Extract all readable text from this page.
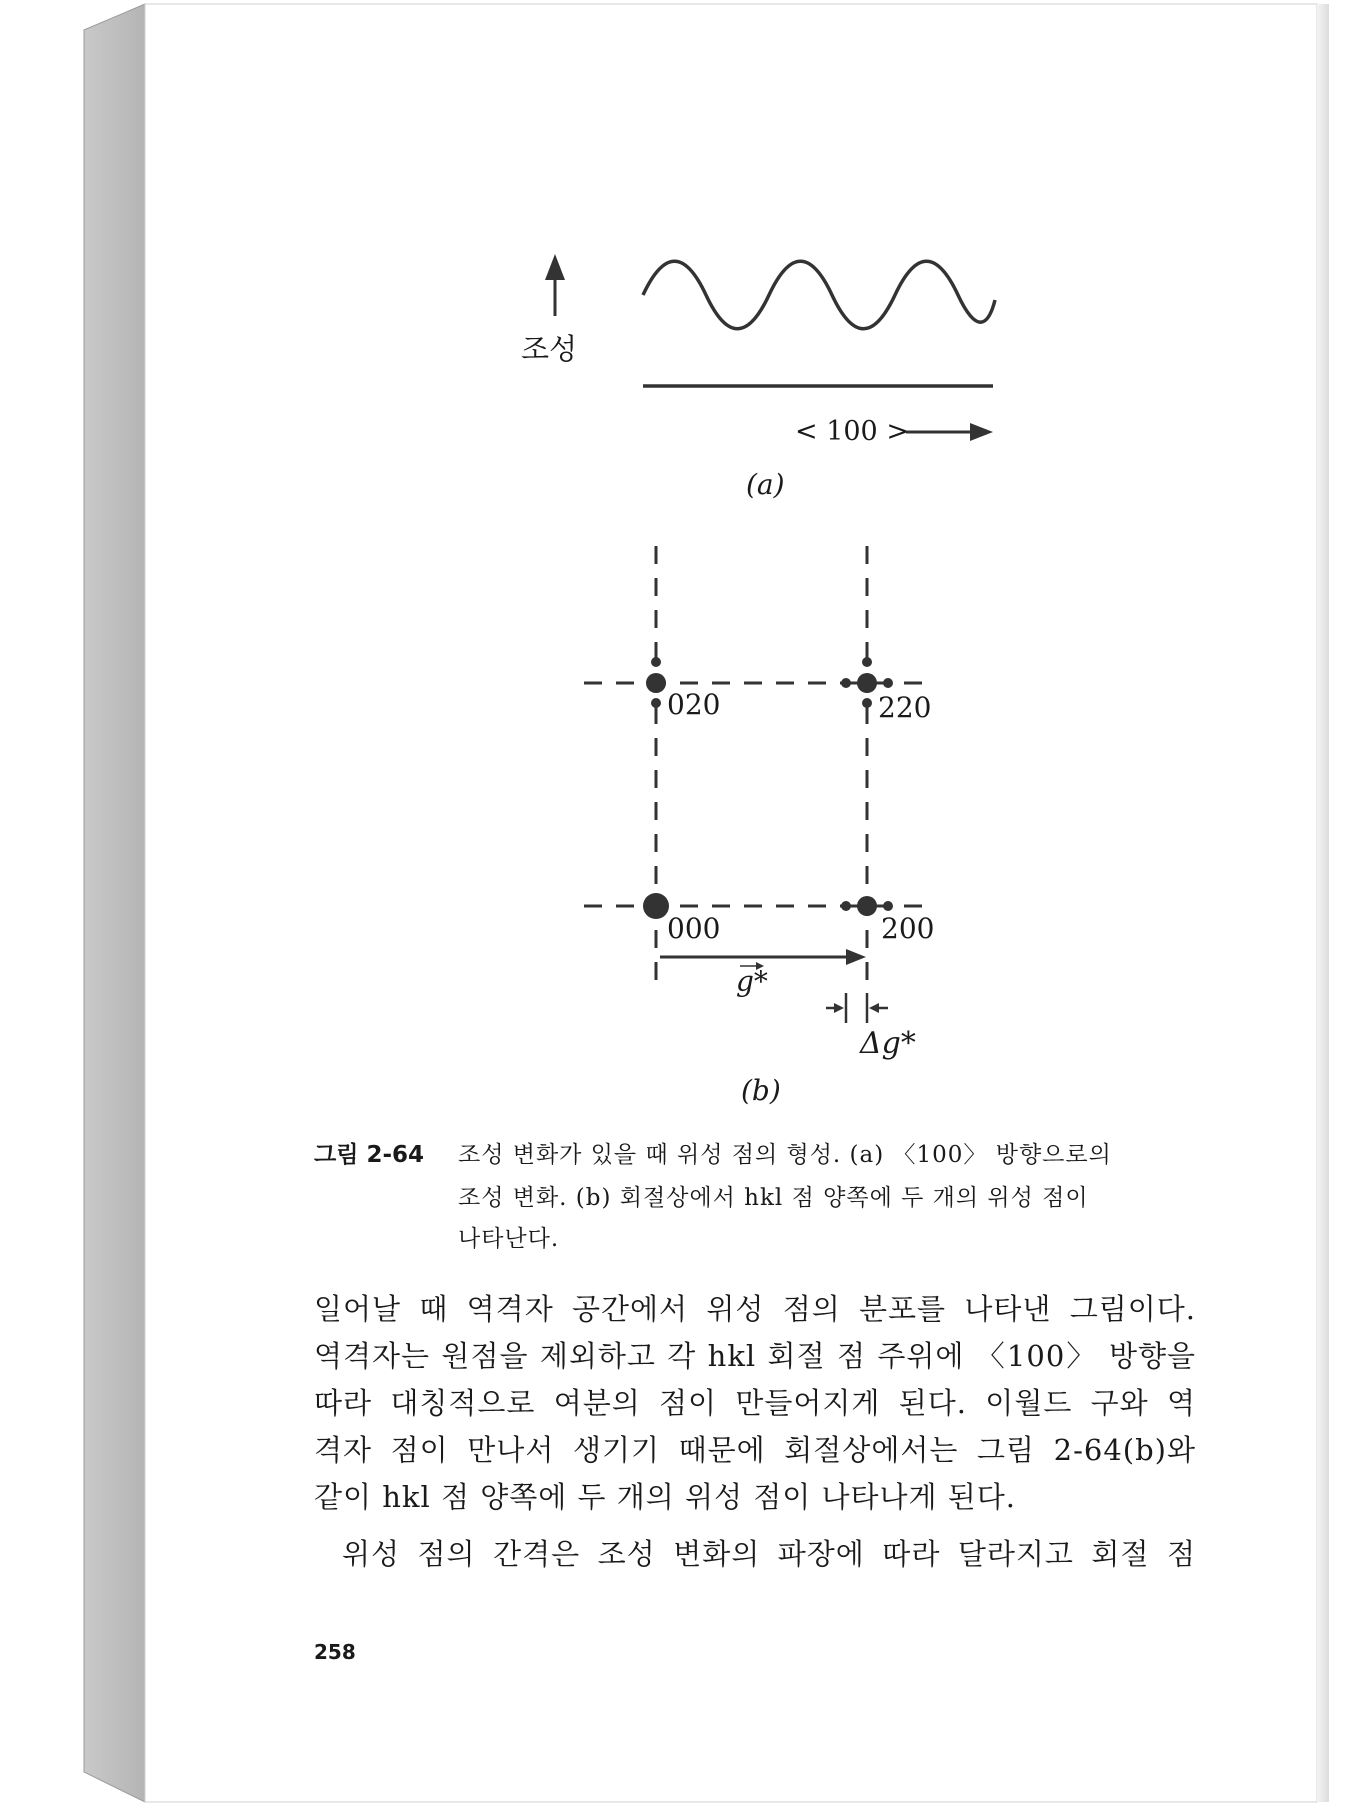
조성
< 100 >
(a)
020	220
000	200
g*
Δg*
(b)
그림 2-64 조성 변화가 있을 때 위성 점의 형성. (a) 〈100〉 방향으로의
조성 변화. (b) 회절상에서 hkl 점 양쪽에 두 개의 위성 점이
나타난다.
일어날 때 역격자 공간에서 위성 점의 분포를 나타낸 그림이다.
역격자는 원점을 제외하고 각 hkl 회절 점 주위에 〈100〉 방향을
따라 대칭적으로 여분의 점이 만들어지게 된다. 이월드 구와 역
격자 점이 만나서 생기기 때문에 회절상에서는 그림 2-64(b)와
같이 hkl 점 양쪽에 두 개의 위성 점이 나타나게 된다.
위성 점의 간격은 조성 변화의 파장에 따라 달라지고 회절 점
258
